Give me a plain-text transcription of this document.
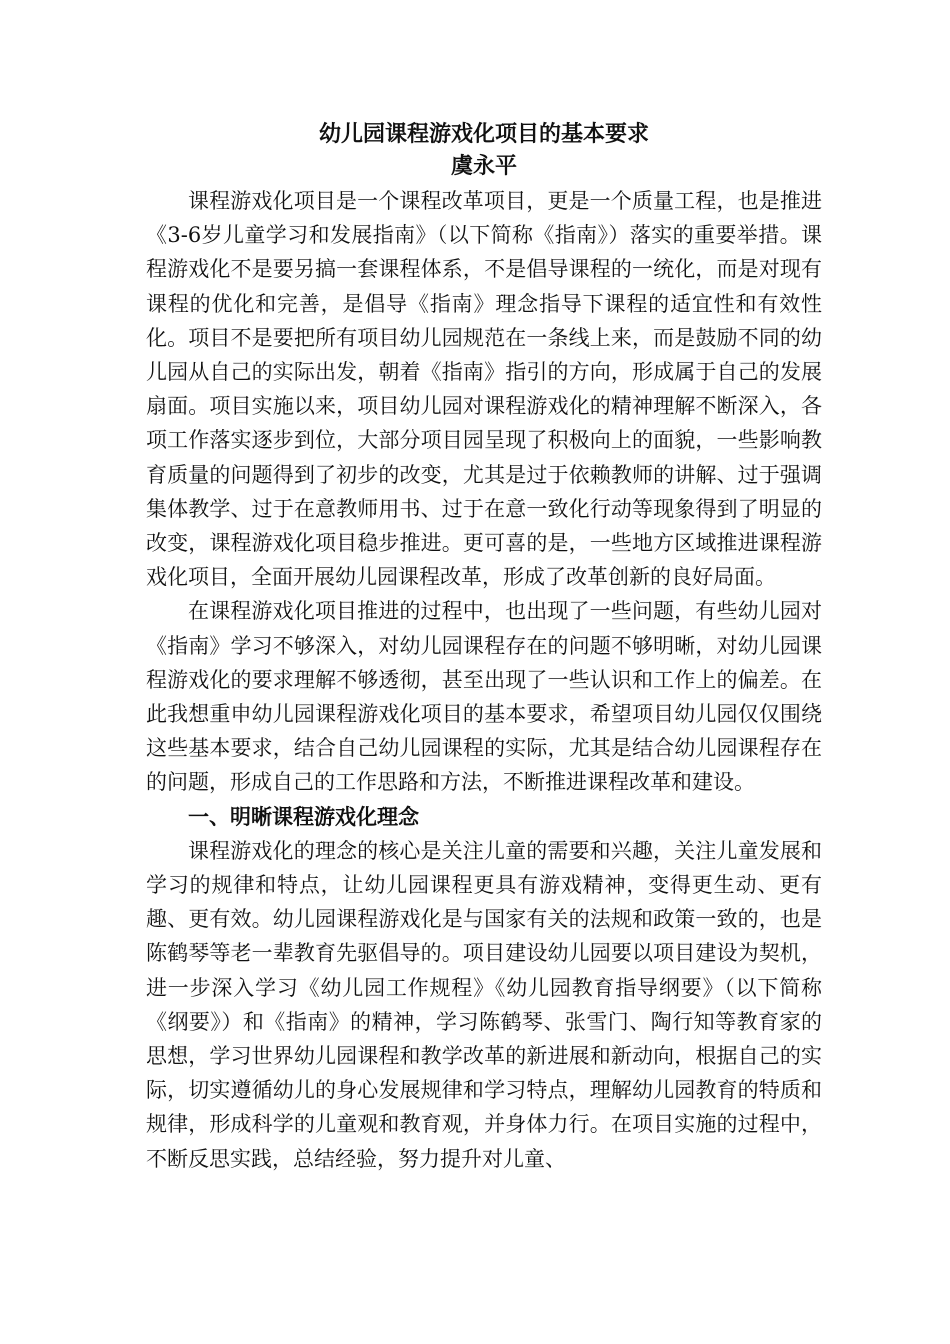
幼儿园课程游戏化项目的基本要求
虞永平

课程游戏化项目是一个课程改革项目，更是一个质量工程，也是推进《3-6岁儿童学习和发展指南》（以下简称《指南》）落实的重要举措。课程游戏化不是要另搞一套课程体系，不是倡导课程的一统化，而是对现有课程的优化和完善，是倡导《指南》理念指导下课程的适宜性和有效性化。项目不是要把所有项目幼儿园规范在一条线上来，而是鼓励不同的幼儿园从自己的实际出发，朝着《指南》指引的方向，形成属于自己的发展扇面。项目实施以来，项目幼儿园对课程游戏化的精神理解不断深入，各项工作落实逐步到位，大部分项目园呈现了积极向上的面貌，一些影响教育质量的问题得到了初步的改变，尤其是过于依赖教师的讲解、过于强调集体教学、过于在意教师用书、过于在意一致化行动等现象得到了明显的改变，课程游戏化项目稳步推进。更可喜的是，一些地方区域推进课程游戏化项目，全面开展幼儿园课程改革，形成了改革创新的良好局面。

在课程游戏化项目推进的过程中，也出现了一些问题，有些幼儿园对《指南》学习不够深入，对幼儿园课程存在的问题不够明晰，对幼儿园课程游戏化的要求理解不够透彻，甚至出现了一些认识和工作上的偏差。在此我想重申幼儿园课程游戏化项目的基本要求，希望项目幼儿园仅仅围绕这些基本要求，结合自己幼儿园课程的实际，尤其是结合幼儿园课程存在的问题，形成自己的工作思路和方法，不断推进课程改革和建设。

一、明晰课程游戏化理念

课程游戏化的理念的核心是关注儿童的需要和兴趣，关注儿童发展和学习的规律和特点，让幼儿园课程更具有游戏精神，变得更生动、更有趣、更有效。幼儿园课程游戏化是与国家有关的法规和政策一致的，也是陈鹤琴等老一辈教育先驱倡导的。项目建设幼儿园要以项目建设为契机，进一步深入学习《幼儿园工作规程》《幼儿园教育指导纲要》（以下简称《纲要》）和《指南》的精神，学习陈鹤琴、张雪门、陶行知等教育家的思想，学习世界幼儿园课程和教学改革的新进展和新动向，根据自己的实际，切实遵循幼儿的身心发展规律和学习特点，理解幼儿园教育的特质和规律，形成科学的儿童观和教育观，并身体力行。在项目实施的过程中，不断反思实践，总结经验，努力提升对儿童、
